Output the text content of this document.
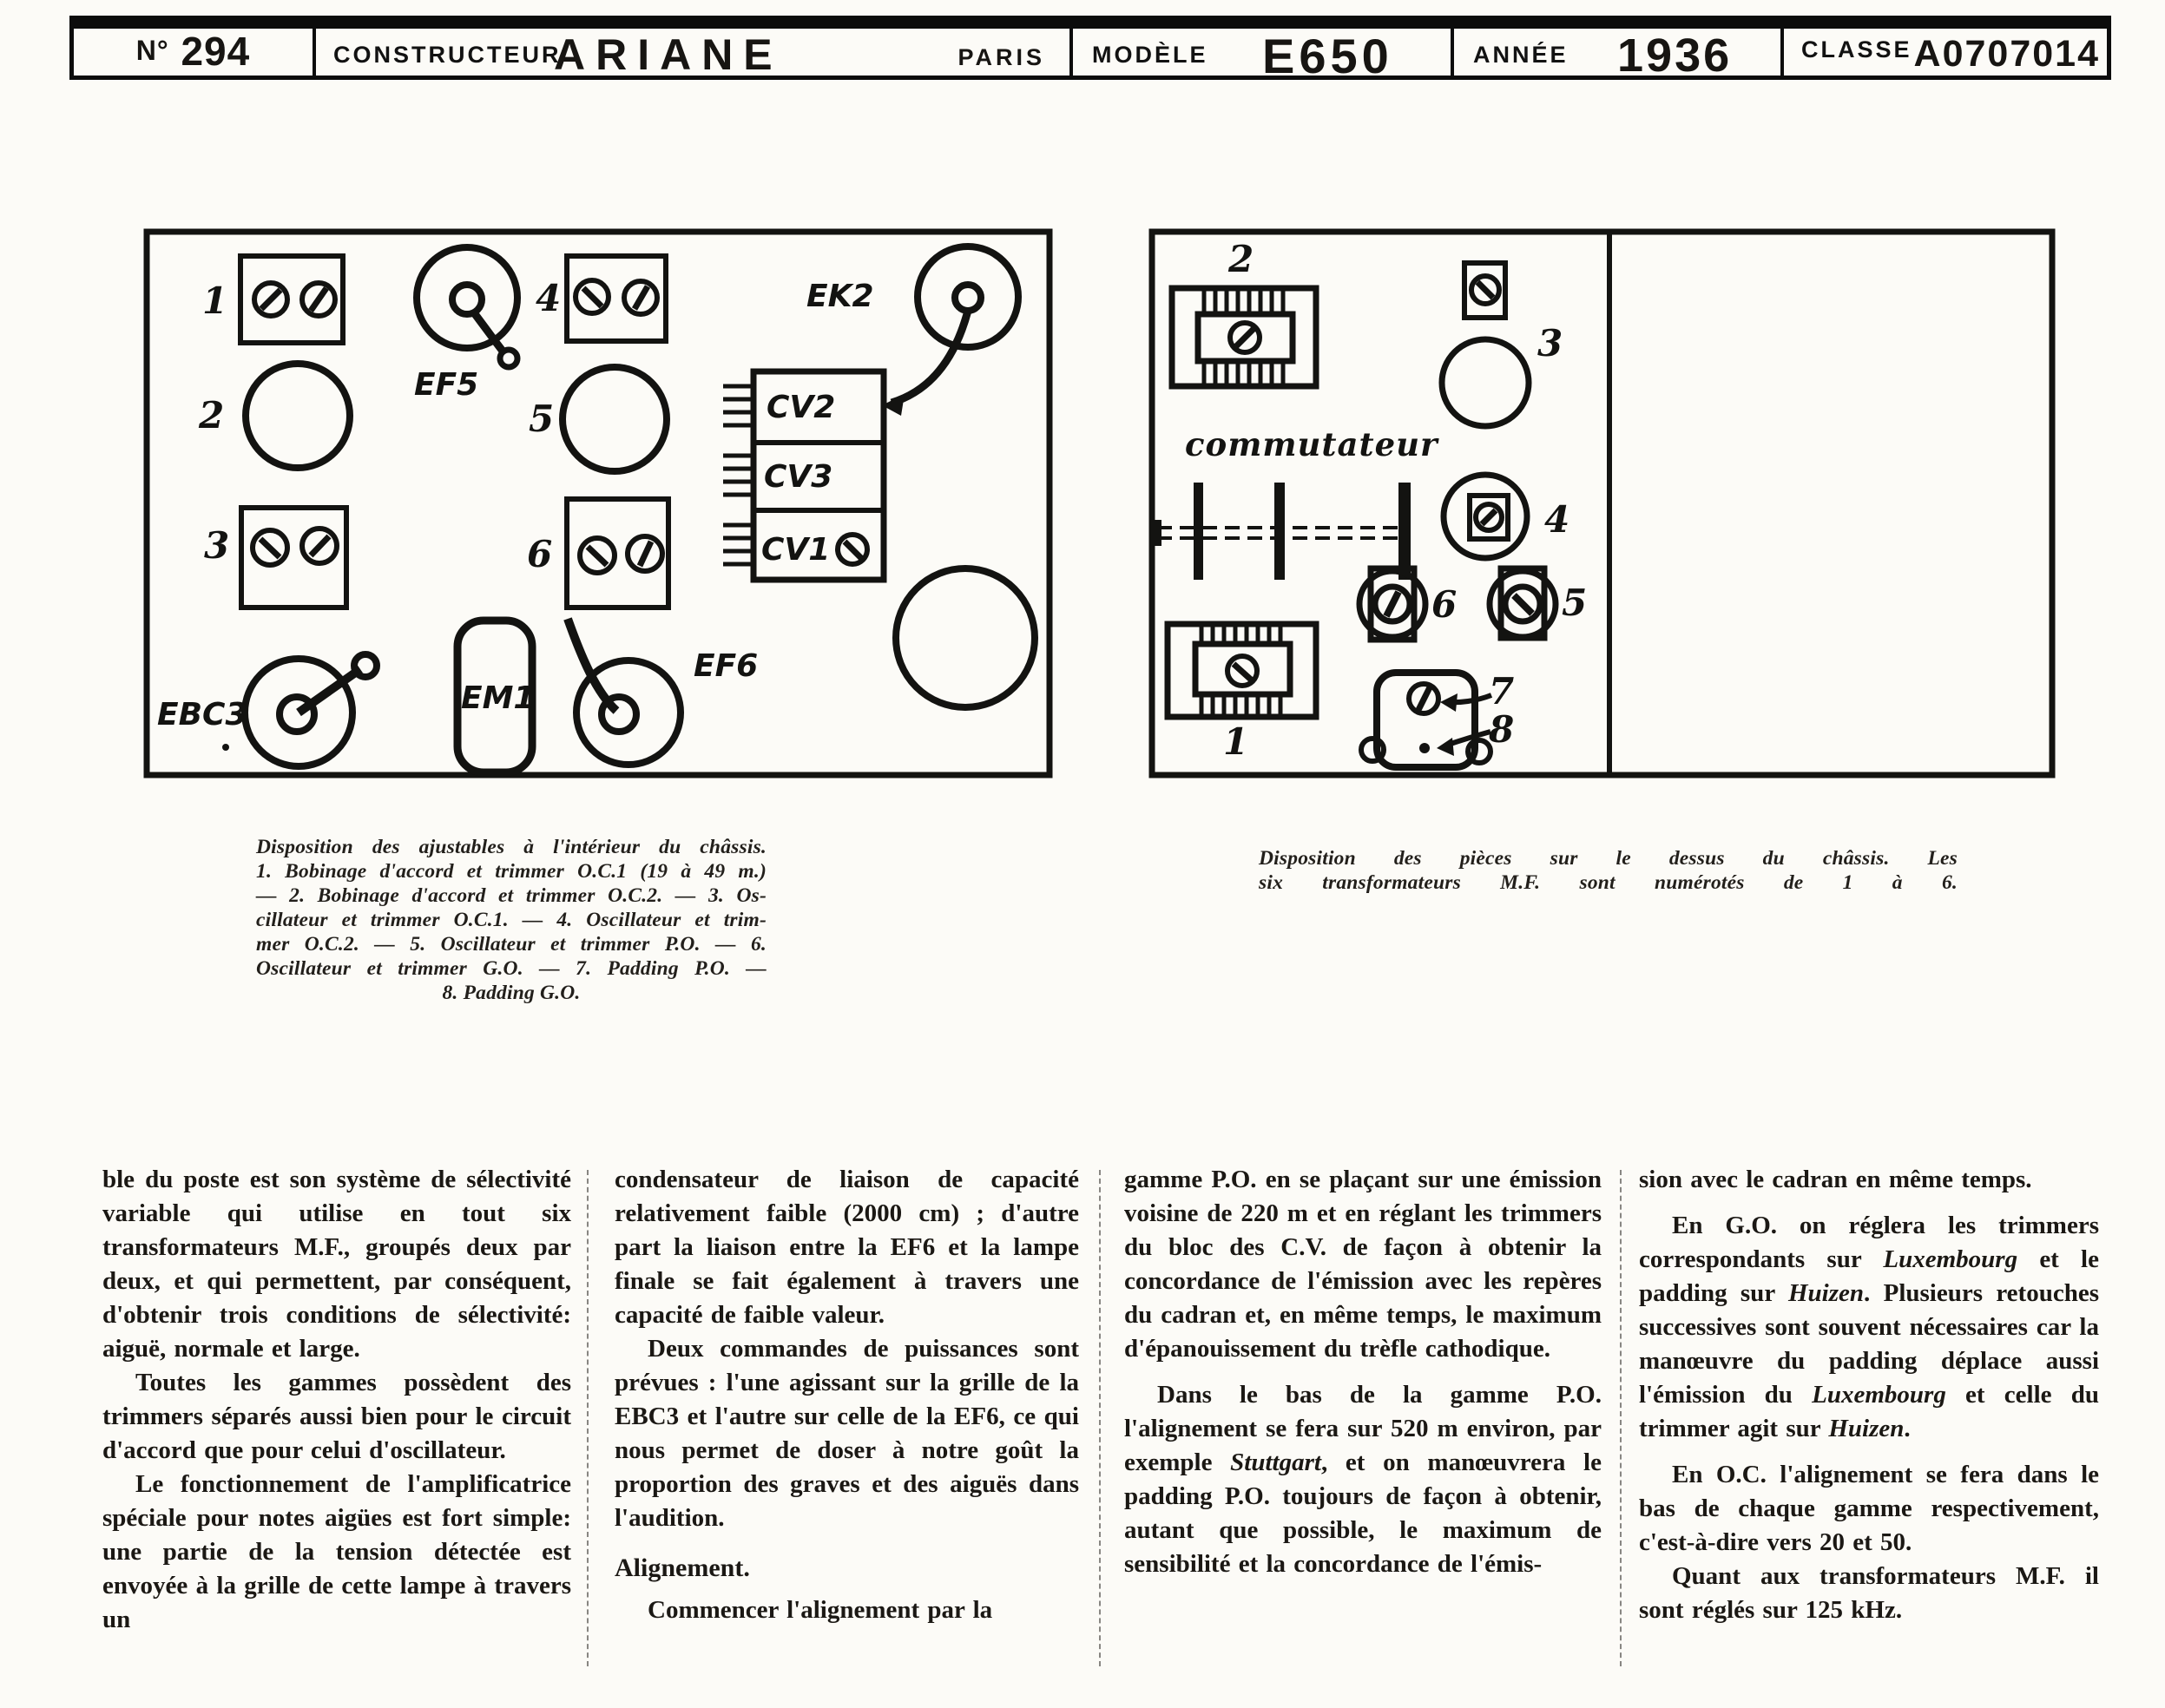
N° 294	CONSTRUCTEUR
ARIANE	PARIS MODÈLE E650	ANNÉE 1936	CLASSE A0707014
1
EF5
4
2	5
3	6
EBC3	EM1
EF6
EK2
CV2
CV3
CV1
2
commutateur
3
4
6	5
1
7
8
Disposition des ajustables à l'intérieur du châssis.
1. Bobinage d'accord et trimmer O.C.1 (19 à 49 m.)
— 2. Bobinage d'accord et trimmer O.C.2. — 3. Os-
cillateur et trimmer O.C.1. — 4. Oscillateur et trim-
mer O.C.2. — 5. Oscillateur et trimmer P.O. — 6.
Oscillateur et trimmer G.O. — 7. Padding P.O. —
8. Padding G.O.
Disposition des pièces sur le dessus du châssis. Les
six transformateurs M.F. sont numérotés de 1 à 6.

ble du poste est son système de sélectivité variable qui utilise en tout six transformateurs M.F., groupés deux par deux, et qui permettent, par conséquent, d'obtenir trois conditions de sélectivité: aiguë, normale et large.

Toutes les gammes possèdent des trimmers séparés aussi bien pour le circuit d'accord que pour celui d'oscillateur.

Le fonctionnement de l'amplificatrice spéciale pour notes aigües est fort simple: une partie de la tension détectée est envoyée à la grille de cette lampe à travers un

condensateur de liaison de capacité relativement faible (2000 cm) ; d'autre part la liaison entre la EF6 et la lampe finale se fait également à travers une capacité de faible valeur.

Deux commandes de puissances sont prévues : l'une agissant sur la grille de la EBC3 et l'autre sur celle de la EF6, ce qui nous permet de doser à notre goût la proportion des graves et des aiguës dans l'audition.

Alignement.

Commencer l'alignement par la

gamme P.O. en se plaçant sur une émission voisine de 220 m et en réglant les trimmers du bloc des C.V. de façon à obtenir la concordance de l'émission avec les repères du cadran et, en même temps, le maximum d'épanouissement du trèfle cathodique.

Dans le bas de la gamme P.O. l'alignement se fera sur 520 m environ, par exemple Stuttgart, et on manœuvrera le padding P.O. toujours de façon à obtenir, autant que possible, le maximum de sensibilité et la concordance de l'émis-

sion avec le cadran en même temps.

En G.O. on réglera les trimmers correspondants sur Luxembourg et le padding sur Huizen. Plusieurs retouches successives sont souvent nécessaires car la manœuvre du padding déplace aussi l'émission du Luxembourg et celle du trimmer agit sur Huizen.

En O.C. l'alignement se fera dans le bas de chaque gamme respectivement, c'est-à-dire vers 20 et 50.

Quant aux transformateurs M.F. il sont réglés sur 125 kHz.
